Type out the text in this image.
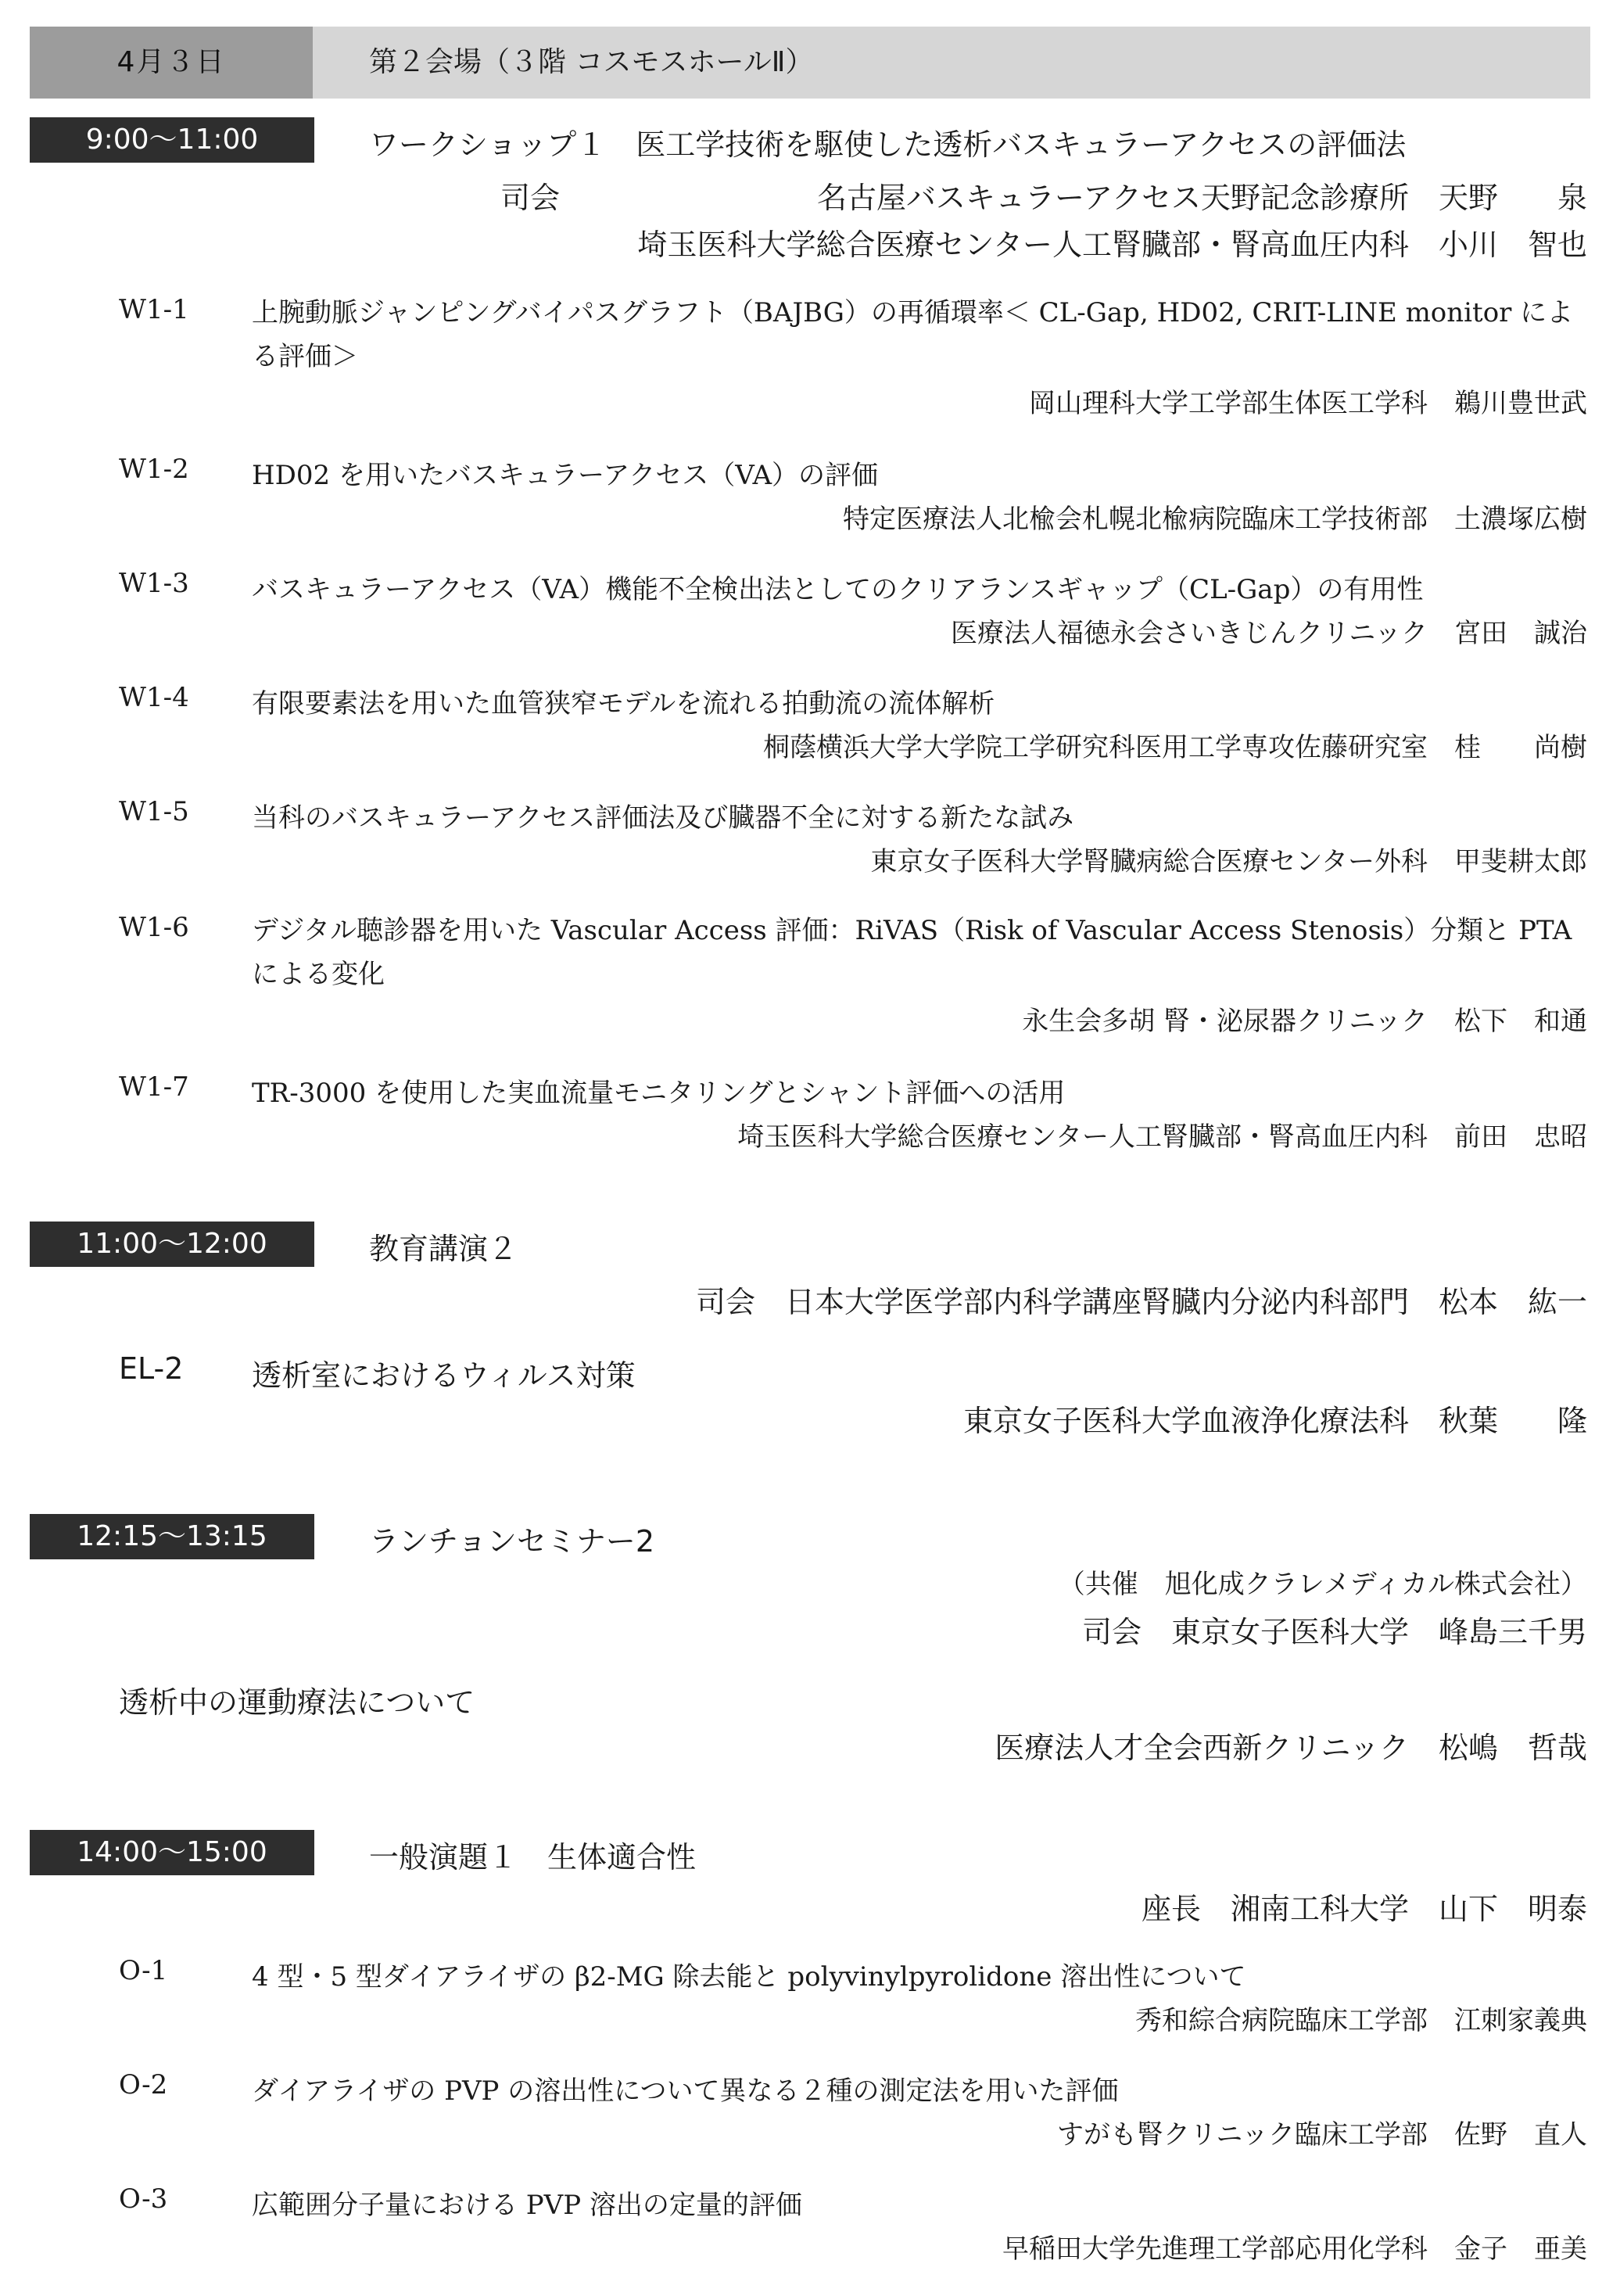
4月３日	第２会場（３階 コスモスホールⅡ）
9:00～11:00	ワークショップ１　医工学技術を駆使した透析バスキュラーアクセスの評価法
司会	名古屋バスキュラーアクセス天野記念診療所　天野　　泉
埼玉医科大学総合医療センター人工腎臓部・腎高血圧内科　小川　智也
W1-1 上腕動脈ジャンピングバイパスグラフト（BAJBG）の再循環率＜ CL-Gap, HD02, CRIT-LINE monitor による評価＞
岡山理科大学工学部生体医工学科　鵜川豊世武
W1-2 HD02 を用いたバスキュラーアクセス（VA）の評価
特定医療法人北楡会札幌北楡病院臨床工学技術部　土濃塚広樹
W1-3 バスキュラーアクセス（VA）機能不全検出法としてのクリアランスギャップ（CL-Gap）の有用性
医療法人福徳永会さいきじんクリニック　宮田　誠治
W1-4 有限要素法を用いた血管狭窄モデルを流れる拍動流の流体解析
桐蔭横浜大学大学院工学研究科医用工学専攻佐藤研究室　桂　　尚樹
W1-5 当科のバスキュラーアクセス評価法及び臓器不全に対する新たな試み
東京女子医科大学腎臓病総合医療センター外科　甲斐耕太郎
W1-6 デジタル聴診器を用いた Vascular Access 評価：RiVAS（Risk of Vascular Access Stenosis）分類と PTA による変化
永生会多胡 腎・泌尿器クリニック　松下　和通
W1-7 TR-3000 を使用した実血流量モニタリングとシャント評価への活用
埼玉医科大学総合医療センター人工腎臓部・腎高血圧内科　前田　忠昭
11:00～12:00	教育講演２
司会　日本大学医学部内科学講座腎臓内分泌内科部門　松本　紘一
EL-2 透析室におけるウィルス対策
東京女子医科大学血液浄化療法科　秋葉　　隆
12:15～13:15	ランチョンセミナー2
（共催　旭化成クラレメディカル株式会社）
司会　東京女子医科大学　峰島三千男
透析中の運動療法について
医療法人才全会西新クリニック　松嶋　哲哉
14:00～15:00	一般演題１　生体適合性
座長　湘南工科大学　山下　明泰
O-1	4 型・5 型ダイアライザの β2-MG 除去能と polyvinylpyrolidone 溶出性について
秀和綜合病院臨床工学部　江刺家義典
O-2	ダイアライザの PVP の溶出性について異なる２種の測定法を用いた評価
すがも腎クリニック臨床工学部　佐野　直人
O-3	広範囲分子量における PVP 溶出の定量的評価
早稲田大学先進理工学部応用化学科　金子　亜美
